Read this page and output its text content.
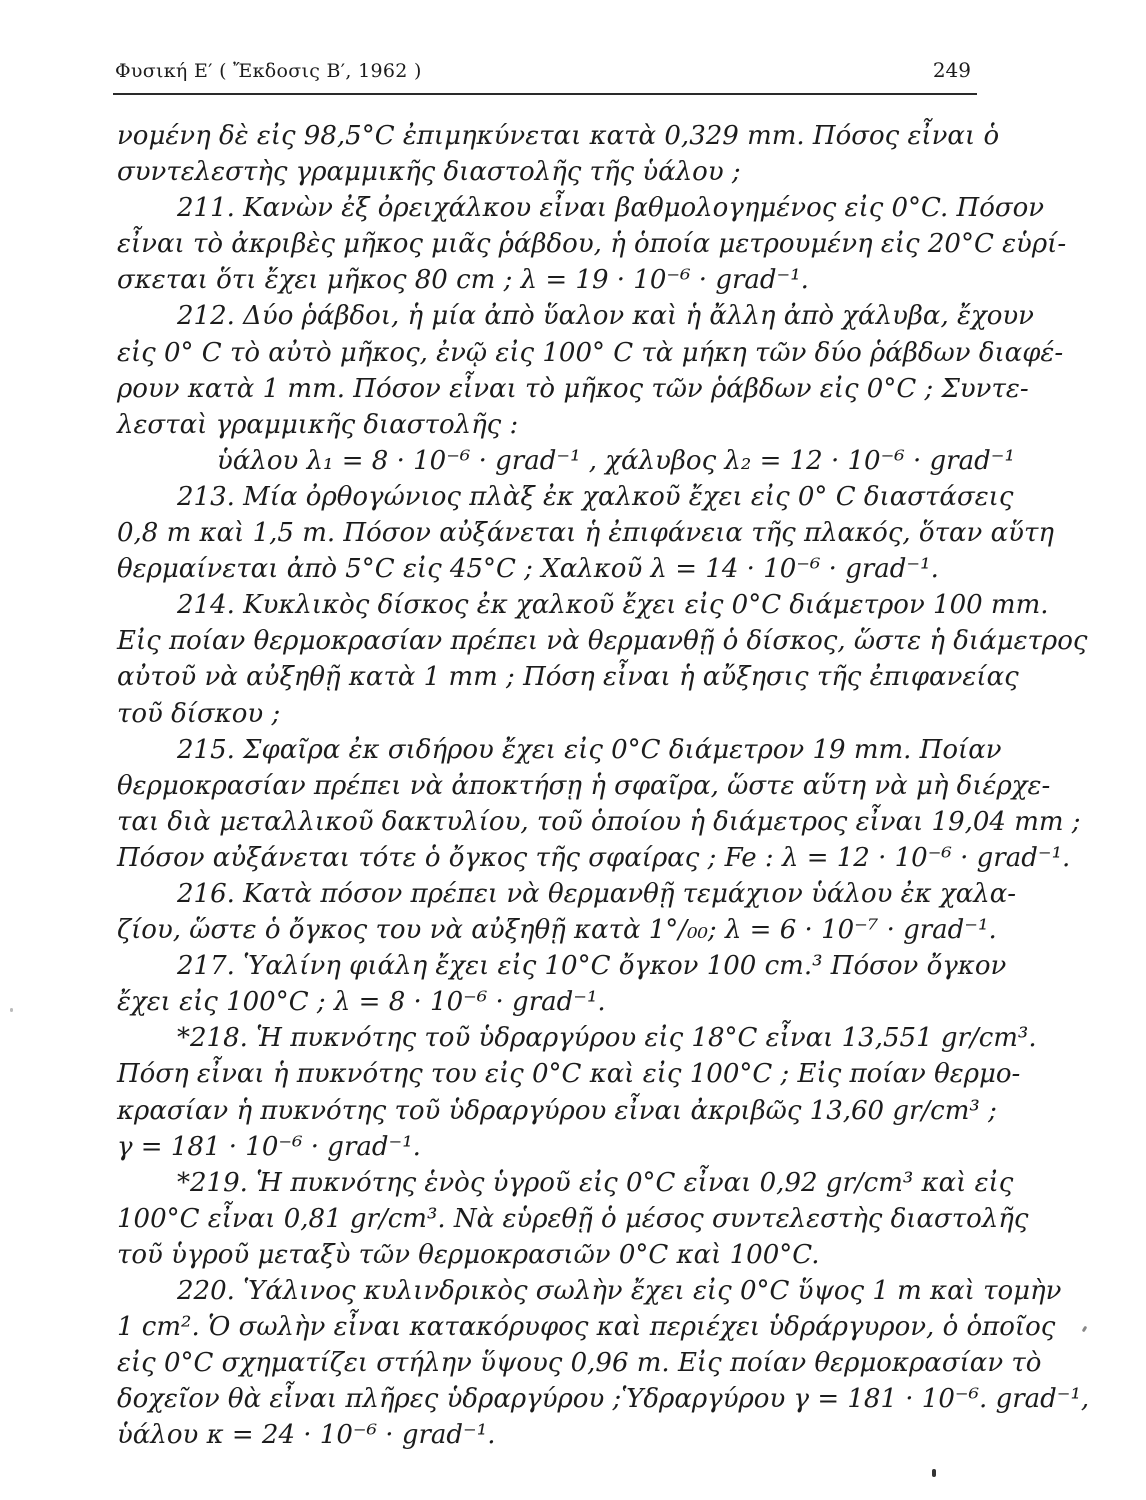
Φυσική Ε′ ( Ἔκδοσις Β′, 1962 )	249
νομένη δὲ εἰς 98,5°C ἐπιμηκύνεται κατὰ 0,329 mm. Πόσος εἶναι ὁ
συντελεστὴς γραμμικῆς διαστολῆς τῆς ὑάλου ;
211. Κανὼν ἐξ ὀρειχάλκου εἶναι βαθμολογημένος εἰς 0°C. Πόσον
εἶναι τὸ ἀκριβὲς μῆκος μιᾶς ῥάβδου, ἡ ὁποία μετρουμένη εἰς 20°C εὑρί-
σκεται ὅτι ἔχει μῆκος 80 cm ; λ = 19 · 10⁻⁶ · grad⁻¹.
212. Δύο ῥάβδοι, ἡ μία ἀπὸ ὕαλον καὶ ἡ ἄλλη ἀπὸ χάλυβα, ἔχουν
εἰς 0° C τὸ αὐτὸ μῆκος, ἐνῷ εἰς 100° C τὰ μήκη τῶν δύο ῥάβδων διαφέ-
ρουν κατὰ 1 mm. Πόσον εἶναι τὸ μῆκος τῶν ῥάβδων εἰς 0°C ; Συντε-
λεσταὶ γραμμικῆς διαστολῆς :
ὑάλου λ₁ = 8 · 10⁻⁶ · grad⁻¹ , χάλυβος λ₂ = 12 · 10⁻⁶ · grad⁻¹
213. Μία ὀρθογώνιος πλὰξ ἐκ χαλκοῦ ἔχει εἰς 0° C διαστάσεις
0,8 m καὶ 1,5 m. Πόσον αὐξάνεται ἡ ἐπιφάνεια τῆς πλακός, ὅταν αὕτη
θερμαίνεται ἀπὸ 5°C εἰς 45°C ; Χαλκοῦ λ = 14 · 10⁻⁶ · grad⁻¹.
214. Κυκλικὸς δίσκος ἐκ χαλκοῦ ἔχει εἰς 0°C διάμετρον 100 mm.
Εἰς ποίαν θερμοκρασίαν πρέπει νὰ θερμανθῇ ὁ δίσκος, ὥστε ἡ διάμετρος
αὐτοῦ νὰ αὐξηθῇ κατὰ 1 mm ; Πόση εἶναι ἡ αὔξησις τῆς ἐπιφανείας
τοῦ δίσκου ;
215. Σφαῖρα ἐκ σιδήρου ἔχει εἰς 0°C διάμετρον 19 mm. Ποίαν
θερμοκρασίαν πρέπει νὰ ἀποκτήσῃ ἡ σφαῖρα, ὥστε αὕτη νὰ μὴ διέρχε-
ται διὰ μεταλλικοῦ δακτυλίου, τοῦ ὁποίου ἡ διάμετρος εἶναι 19,04 mm ;
Πόσον αὐξάνεται τότε ὁ ὄγκος τῆς σφαίρας ; Fe : λ = 12 · 10⁻⁶ · grad⁻¹.
216. Κατὰ πόσον πρέπει νὰ θερμανθῇ τεμάχιον ὑάλου ἐκ χαλα-
ζίου, ὥστε ὁ ὄγκος του νὰ αὐξηθῇ κατὰ 1°/₀₀; λ = 6 · 10⁻⁷ · grad⁻¹.
217. Ὑαλίνη φιάλη ἔχει εἰς 10°C ὄγκον 100 cm.³ Πόσον ὄγκον
ἔχει εἰς 100°C ; λ = 8 · 10⁻⁶ · grad⁻¹.
*218. Ἡ πυκνότης τοῦ ὑδραργύρου εἰς 18°C εἶναι 13,551 gr/cm³.
Πόση εἶναι ἡ πυκνότης του εἰς 0°C καὶ εἰς 100°C ; Εἰς ποίαν θερμο-
κρασίαν ἡ πυκνότης τοῦ ὑδραργύρου εἶναι ἀκριβῶς 13,60 gr/cm³ ;
γ = 181 · 10⁻⁶ · grad⁻¹.
*219. Ἡ πυκνότης ἑνὸς ὑγροῦ εἰς 0°C εἶναι 0,92 gr/cm³ καὶ εἰς
100°C εἶναι 0,81 gr/cm³. Νὰ εὑρεθῇ ὁ μέσος συντελεστὴς διαστολῆς
τοῦ ὑγροῦ μεταξὺ τῶν θερμοκρασιῶν 0°C καὶ 100°C.
220. Ὑάλινος κυλινδρικὸς σωλὴν ἔχει εἰς 0°C ὕψος 1 m καὶ τομὴν
1 cm². Ὁ σωλὴν εἶναι κατακόρυφος καὶ περιέχει ὑδράργυρον, ὁ ὁποῖος
εἰς 0°C σχηματίζει στήλην ὕψους 0,96 m. Εἰς ποίαν θερμοκρασίαν τὸ
δοχεῖον θὰ εἶναι πλῆρες ὑδραργύρου ;Ὑδραργύρου γ = 181 · 10⁻⁶. grad⁻¹,
ὑάλου κ = 24 · 10⁻⁶ · grad⁻¹.
